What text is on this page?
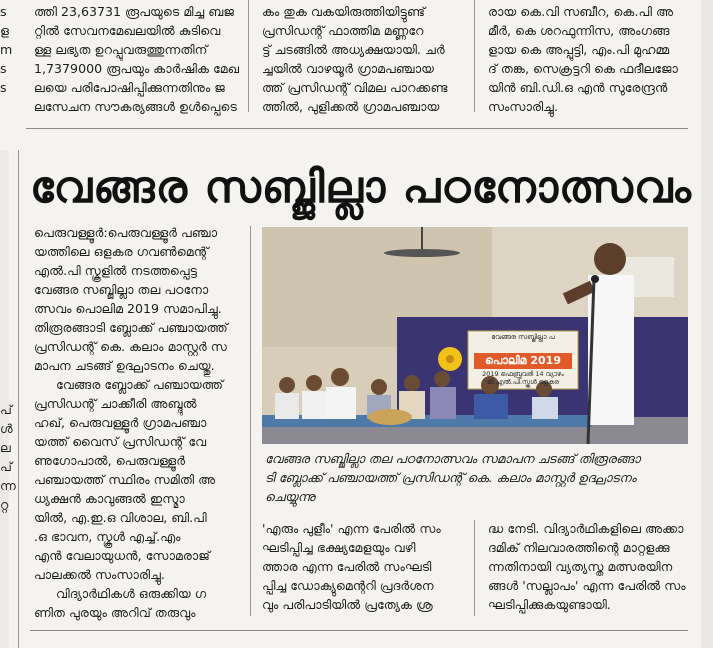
ത്തി 23,63731 രൂപയുടെ മിച്ച ബജ
റ്റിൽ സേവനമേഖലയിൽ കുടിവെ
ള്ള ലഭ്യത ഉറപ്പുവരുത്തുന്നതിന്
1,7379000 രൂപയും കാർഷിക മേഖ
ലയെ പരിപോഷിപ്പിക്കുന്നതിനും ജ
ലസേചന സൗകര്യങ്ങൾ ഉൾപ്പെടെ
കം തുക വകയിരുത്തിയിട്ടുണ്ട്
പ്രസിഡന്റ് ഫാത്തിമ മണ്ണറേ
ട്ട് ചടങ്ങിൽ അധ്യക്ഷയായി. ചർ
ച്ചയിൽ വാഴയൂർ ഗ്രാമപഞ്ചായ
ത്ത് പ്രസിഡന്റ് വിമല പാറക്കണ്ട
ത്തിൽ, പുളിക്കൽ ഗ്രാമപഞ്ചായ
രായ കെ.വി സബീറ, കെ.പി അ
മീർ, കെ ശറഫുന്നിസ, അംഗങ്ങ
ളായ കെ അപ്പുട്ടി, എം.പി മുഹമ്മ
ദ് തങ്ക, സെക്രട്ടറി കെ ഫദീലജോ
യിൻ ബി.ഡി.ഒ എൻ സുരേന്ദ്രൻ
സംസാരിച്ചു.
s
ള
m
s
s
വേങ്ങര സബ്ജില്ലാ പഠനോത്സവം
പെരുവള്ളൂർ:പെരുവള്ളൂർ പഞ്ചാ
യത്തിലെ ഒളകര ഗവൺമെന്റ്
എൽ.പി സ്കൂളിൽ നടത്തപ്പെട്ട
വേങ്ങര സബ്ജില്ലാ തല പഠനോ
ത്സവം പൊലിമ 2019 സമാപിച്ചു.
തിരൂരങ്ങാടി ബ്ലോക്ക് പഞ്ചായത്ത്
പ്രസിഡന്റ് കെ. കലാം മാസ്റ്റർ സ
മാപന ചടങ്ങ് ഉദ്ഘാടനം ചെയ്തു.
വേങ്ങര ബ്ലോക്ക് പഞ്ചായത്ത്
പ്രസിഡന്റ് ചാക്കീരി അബ്ദുൽ
ഹഖ്, പെരുവള്ളൂർ ഗ്രാമപഞ്ചാ
യത്ത് വൈസ് പ്രസിഡന്റ് വേ
ണുഗോപാൽ, പെരുവള്ളൂർ
പഞ്ചായത്ത് സ്ഥിരം സമിതി അ
ധ്യക്ഷൻ കാവുങ്ങൽ ഇസ്മാ
യിൽ, എ.ഇ.ഒ വിശാല, ബി.പി
.ഒ ഭാവന, സ്കൂൾ എച്ച്.എം
എൻ വേലായുധൻ, സോമരാജ്
പാലക്കൽ സംസാരിച്ചു.
വിദ്യാർഥികൾ ഒരുക്കിയ ഗ
ണിത പുരയും അറിവ് തരുവും
പ്
ൾ
ല
പ്
ന്ന
റ്റ
വേങ്ങര സബ്ജില്ലാ പ
പൊലിമ 2019
2019 ഫെബ്രുവരി 14 വ്യാഴം
ജി.എൽ.പി.സ്കൂൾ ഒളകര
വേങ്ങര സബ്ജില്ലാ തല പഠനോത്സവം സമാപന ചടങ്ങ് തിരൂരങ്ങാ
ടി ബ്ലോക്ക് പഞ്ചായത്ത് പ്രസിഡന്റ് കെ. കലാം മാസ്റ്റർ ഉദ്ഘാടനം
ചെയ്യുന്നു
'എരും പുളീം' എന്ന പേരിൽ സം
ഘടിപ്പിച്ച ഭക്ഷ്യമേളയും വഴി
ത്താര എന്ന പേരിൽ സംഘടി
പ്പിച്ച ഡോക്യുമെന്ററി പ്രദർശന
വും പരിപാടിയിൽ പ്രത്യേക ശ്ര
ദ്ധ നേടി. വിദ്യാർഥികളിലെ അക്കാ
ദമിക് നിലവാരത്തിന്റെ മാറ്റളക്കു
ന്നതിനായി വ്യത്യസ്ത മത്സരയിന
ങ്ങൾ 'സല്ലാപം' എന്ന പേരിൽ സം
ഘടിപ്പിക്കുകയുണ്ടായി.
